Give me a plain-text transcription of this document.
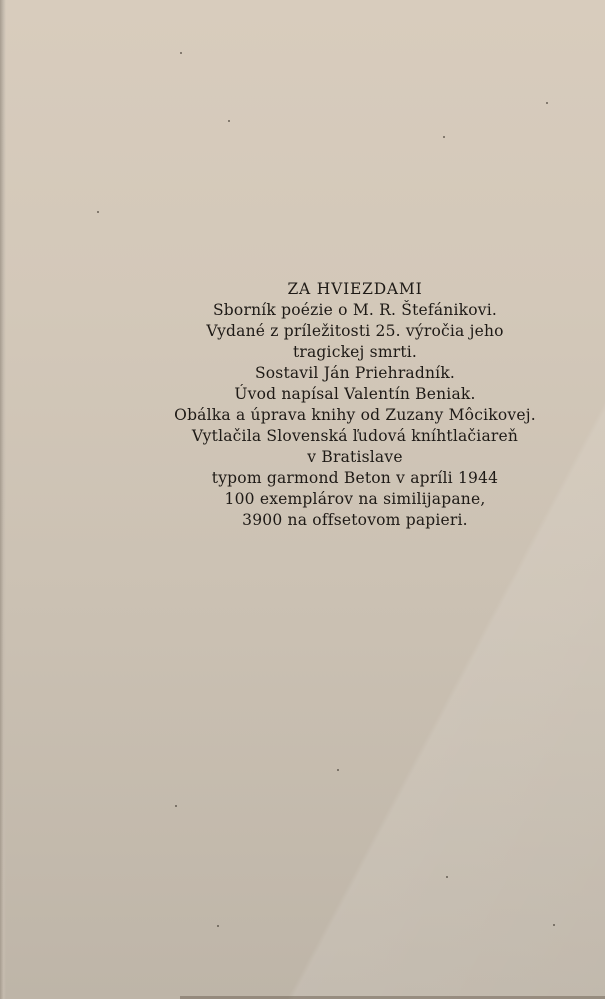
ZA HVIEZDAMI
Sborník poézie o M. R. Štefánikovi.
Vydané z príležitosti 25. výročia jeho
tragickej smrti.
Sostavil Ján Priehradník.
Úvod napísal Valentín Beniak.
Obálka a úprava knihy od Zuzany Môcikovej.
Vytlačila Slovenská ľudová kníhtlačiareň
v Bratislave
typom garmond Beton v apríli 1944
100 exemplárov na similijapane,
3900 na offsetovom papieri.
